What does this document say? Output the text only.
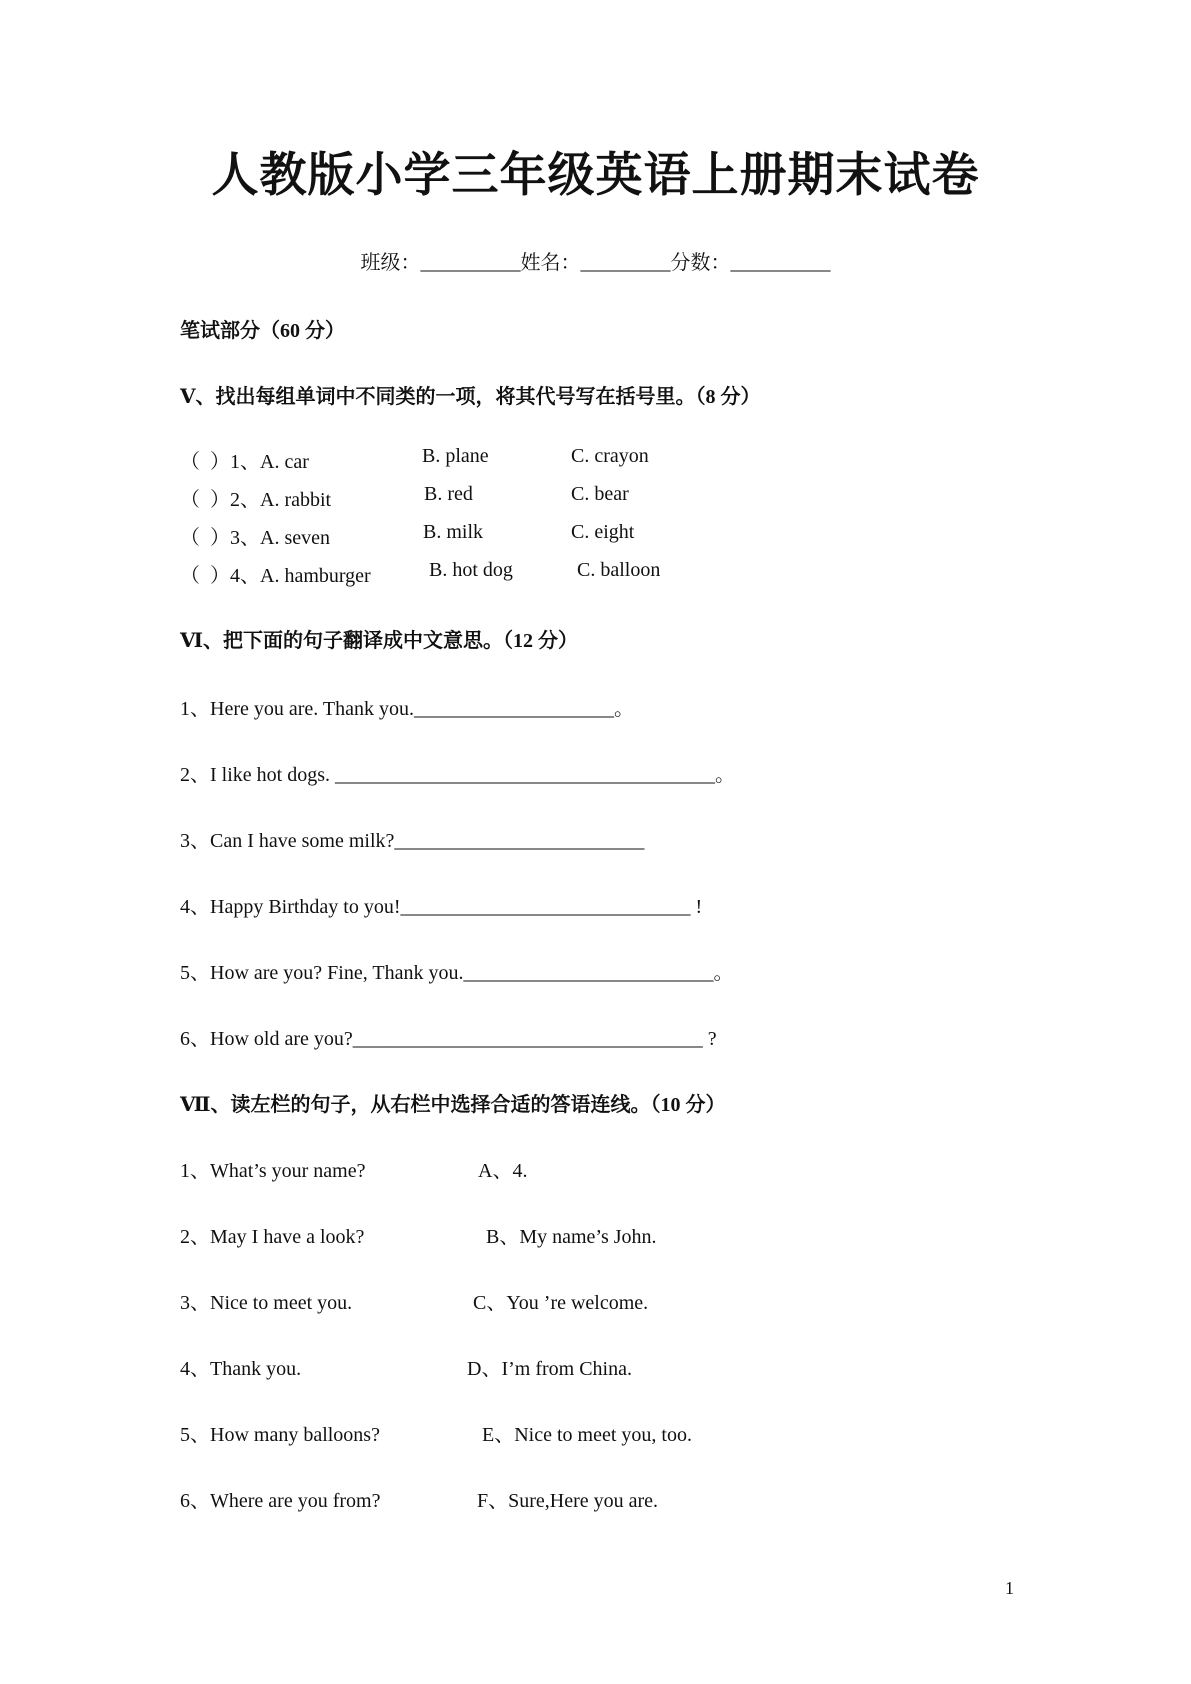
人教版小学三年级英语上册期末试卷
班级：__________姓名：_________分数：__________
笔试部分（60 分）
Ⅴ、找出每组单词中不同类的一项，将其代号写在括号里。（8 分）
（  ）1、A. car	B. plane	C. crayon
（  ）2、A. rabbit	B. red	C. bear
（  ）3、A. seven	B. milk	C. eight
（  ）4、A. hamburger	B. hot dog	C. balloon
Ⅵ、把下面的句子翻译成中文意思。（12 分）
1、Here you are. Thank you.____________________。
2、I like hot dogs. ______________________________________。
3、Can I have some milk?_________________________
4、Happy Birthday to you!_____________________________ !
5、How are you? Fine, Thank you._________________________。
6、How old are you?___________________________________ ?
Ⅶ、读左栏的句子，从右栏中选择合适的答语连线。（10 分）
1、What’s your name?	A、4.
2、May I have a look?	B、My name’s John.
3、Nice to meet you.	C、You ’re welcome.
4、Thank you.	D、I’m from China.
5、How many balloons?	E、Nice to meet you, too.
6、Where are you from?	F、Sure,Here you are.
1
